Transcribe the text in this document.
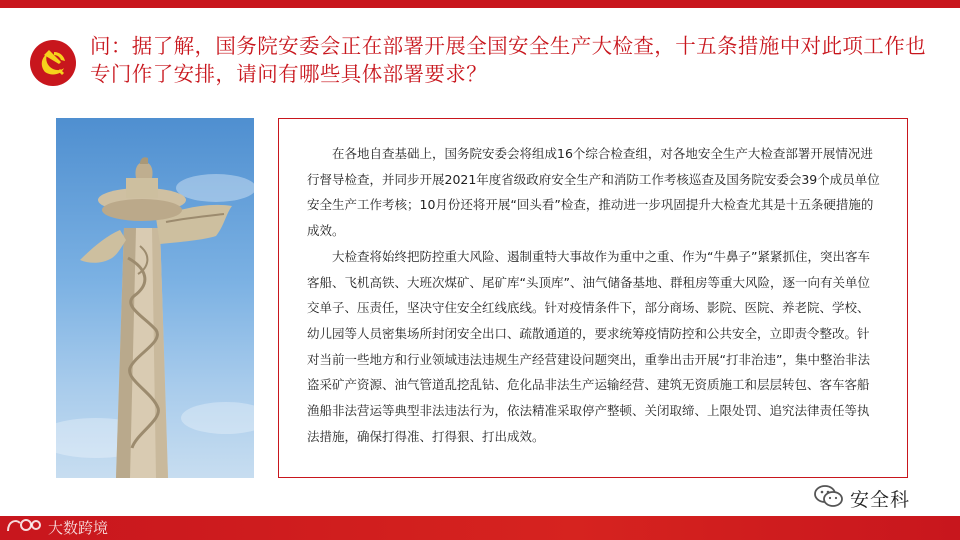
问：据了解，国务院安委会正在部署开展全国安全生产大检查，十五条措施中对此项工作也专门作了安排，请问有哪些具体部署要求？

在各地自查基础上，国务院安委会将组成16个综合检查组，对各地安全生产大检查部署开展情况进行督导检查，并同步开展2021年度省级政府安全生产和消防工作考核巡查及国务院安委会39个成员单位安全生产工作考核；10月份还将开展“回头看”检查，推动进一步巩固提升大检查尤其是十五条硬措施的成效。

大检查将始终把防控重大风险、遏制重特大事故作为重中之重、作为“牛鼻子”紧紧抓住，突出客车客船、飞机高铁、大班次煤矿、尾矿库“头顶库”、油气储备基地、群租房等重大风险，逐一向有关单位交单子、压责任，坚决守住安全红线底线。针对疫情条件下，部分商场、影院、医院、养老院、学校、幼儿园等人员密集场所封闭安全出口、疏散通道的，要求统筹疫情防控和公共安全，立即责令整改。针对当前一些地方和行业领域违法违规生产经营建设问题突出，重拳出击开展“打非治违”，集中整治非法盗采矿产资源、油气管道乱挖乱钻、危化品非法生产运输经营、建筑无资质施工和层层转包、客车客船渔船非法营运等典型非法违法行为，依法精准采取停产整顿、关闭取缔、上限处罚、追究法律责任等执法措施，确保打得准、打得狠、打出成效。

大数跨境
安全科
